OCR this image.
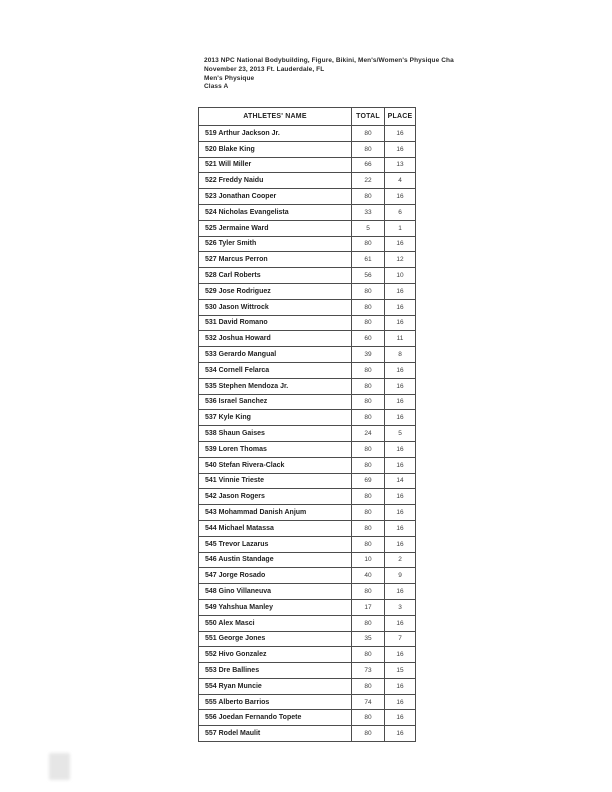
2013 NPC National Bodybuilding, Figure, Bikini, Men's/Women's Physique Cha
November 23, 2013 Ft. Lauderdale, FL
Men's Physique
Class A
ATHLETES' NAME	TOTAL	PLACE
519 Arthur Jackson Jr.	80	16
520 Blake King	80	16
521 Will Miller	66	13
522 Freddy Naidu	22	4
523 Jonathan Cooper	80	16
524 Nicholas Evangelista	33	6
525 Jermaine Ward	5	1
526 Tyler Smith	80	16
527 Marcus Perron	61	12
528 Carl Roberts	56	10
529 Jose Rodriguez	80	16
530 Jason Wittrock	80	16
531 David Romano	80	16
532 Joshua Howard	60	11
533 Gerardo Mangual	39	8
534 Cornell Felarca	80	16
535 Stephen Mendoza Jr.	80	16
536 Israel Sanchez	80	16
537 Kyle King	80	16
538 Shaun Gaises	24	5
539 Loren Thomas	80	16
540 Stefan Rivera-Clack	80	16
541 Vinnie Trieste	69	14
542 Jason Rogers	80	16
543 Mohammad Danish Anjum	80	16
544 Michael Matassa	80	16
545 Trevor Lazarus	80	16
546 Austin Standage	10	2
547 Jorge Rosado	40	9
548 Gino Villaneuva	80	16
549 Yahshua Manley	17	3
550 Alex Masci	80	16
551 George Jones	35	7
552 Hivo Gonzalez	80	16
553 Dre Ballines	73	15
554 Ryan Muncie	80	16
555 Alberto Barrios	74	16
556 Joedan Fernando Topete	80	16
557 Rodel Maulit	80	16
